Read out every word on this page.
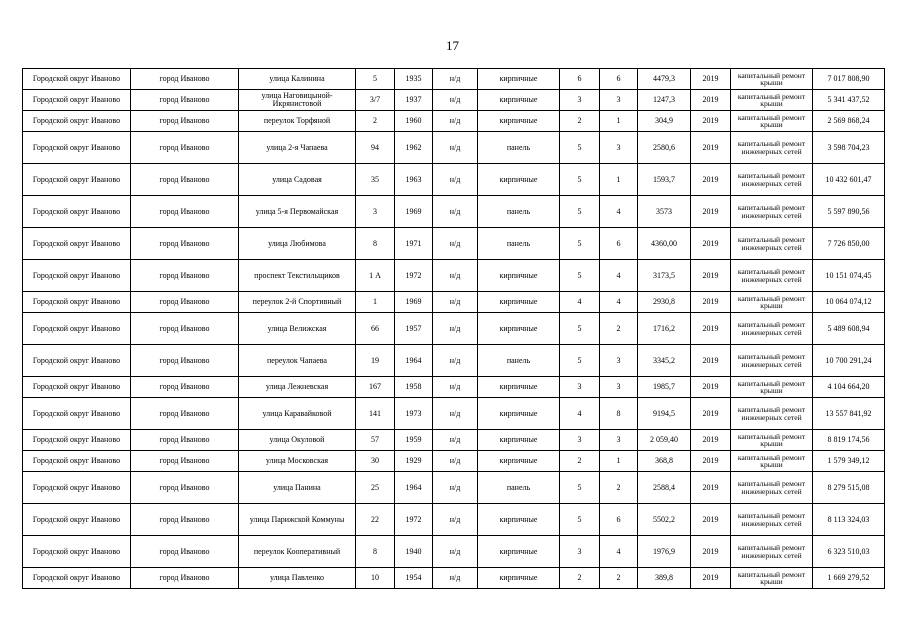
17
Городской округ Иваново	город Иваново	улица Калинина	5	1935	н/д	кирпичные	6	6	4479,3	2019	капитальный ремонт крыши	7 017 808,90
Городской округ Иваново	город Иваново	улица Наговицыной-Икрянистовой	3/7	1937	н/д	кирпичные	3	3	1247,3	2019	капитальный ремонт крыши	5 341 437,52
Городской округ Иваново	город Иваново	переулок Торфяной	2	1960	н/д	кирпичные	2	1	304,9	2019	капитальный ремонт крыши	2 569 868,24
Городской округ Иваново	город Иваново	улица 2-я Чапаева	94	1962	н/д	панель	5	3	2580,6	2019	капитальный ремонт инженерных сетей	3 598 704,23
Городской округ Иваново	город Иваново	улица Садовая	35	1963	н/д	кирпичные	5	1	1593,7	2019	капитальный ремонт инженерных сетей	10 432 601,47
Городской округ Иваново	город Иваново	улица 5-я Первомайская	3	1969	н/д	панель	5	4	3573	2019	капитальный ремонт инженерных сетей	5 597 890,56
Городской округ Иваново	город Иваново	улица Любимова	8	1971	н/д	панель	5	6	4360,00	2019	капитальный ремонт инженерных сетей	7 726 850,00
Городской округ Иваново	город Иваново	проспект Текстильщиков	1 А	1972	н/д	кирпичные	5	4	3173,5	2019	капитальный ремонт инженерных сетей	10 151 074,45
Городской округ Иваново	город Иваново	переулок 2-й Спортивный	1	1969	н/д	кирпичные	4	4	2930,8	2019	капитальный ремонт крыши	10 064 074,12
Городской округ Иваново	город Иваново	улица Велижская	66	1957	н/д	кирпичные	5	2	1716,2	2019	капитальный ремонт инженерных сетей	5 489 608,94
Городской округ Иваново	город Иваново	переулок Чапаева	19	1964	н/д	панель	5	3	3345,2	2019	капитальный ремонт инженерных сетей	10 700 291,24
Городской округ Иваново	город Иваново	улица Лежневская	167	1958	н/д	кирпичные	3	3	1985,7	2019	капитальный ремонт крыши	4 104 664,20
Городской округ Иваново	город Иваново	улица Каравайковой	141	1973	н/д	кирпичные	4	8	9194,5	2019	капитальный ремонт инженерных сетей	13 557 841,92
Городской округ Иваново	город Иваново	улица Окуловой	57	1959	н/д	кирпичные	3	3	2 059,40	2019	капитальный ремонт крыши	8 819 174,56
Городской округ Иваново	город Иваново	улица Московская	30	1929	н/д	кирпичные	2	1	368,8	2019	капитальный ремонт крыши	1 579 349,12
Городской округ Иваново	город Иваново	улица Панина	25	1964	н/д	панель	5	2	2588,4	2019	капитальный ремонт инженерных сетей	8 279 515,08
Городской округ Иваново	город Иваново	улица Парижской Коммуны	22	1972	н/д	кирпичные	5	6	5502,2	2019	капитальный ремонт инженерных сетей	8 113 324,03
Городской округ Иваново	город Иваново	переулок Кооперативный	8	1940	н/д	кирпичные	3	4	1976,9	2019	капитальный ремонт инженерных сетей	6 323 510,03
Городской округ Иваново	город Иваново	улица Павленко	10	1954	н/д	кирпичные	2	2	389,8	2019	капитальный ремонт крыши	1 669 279,52
